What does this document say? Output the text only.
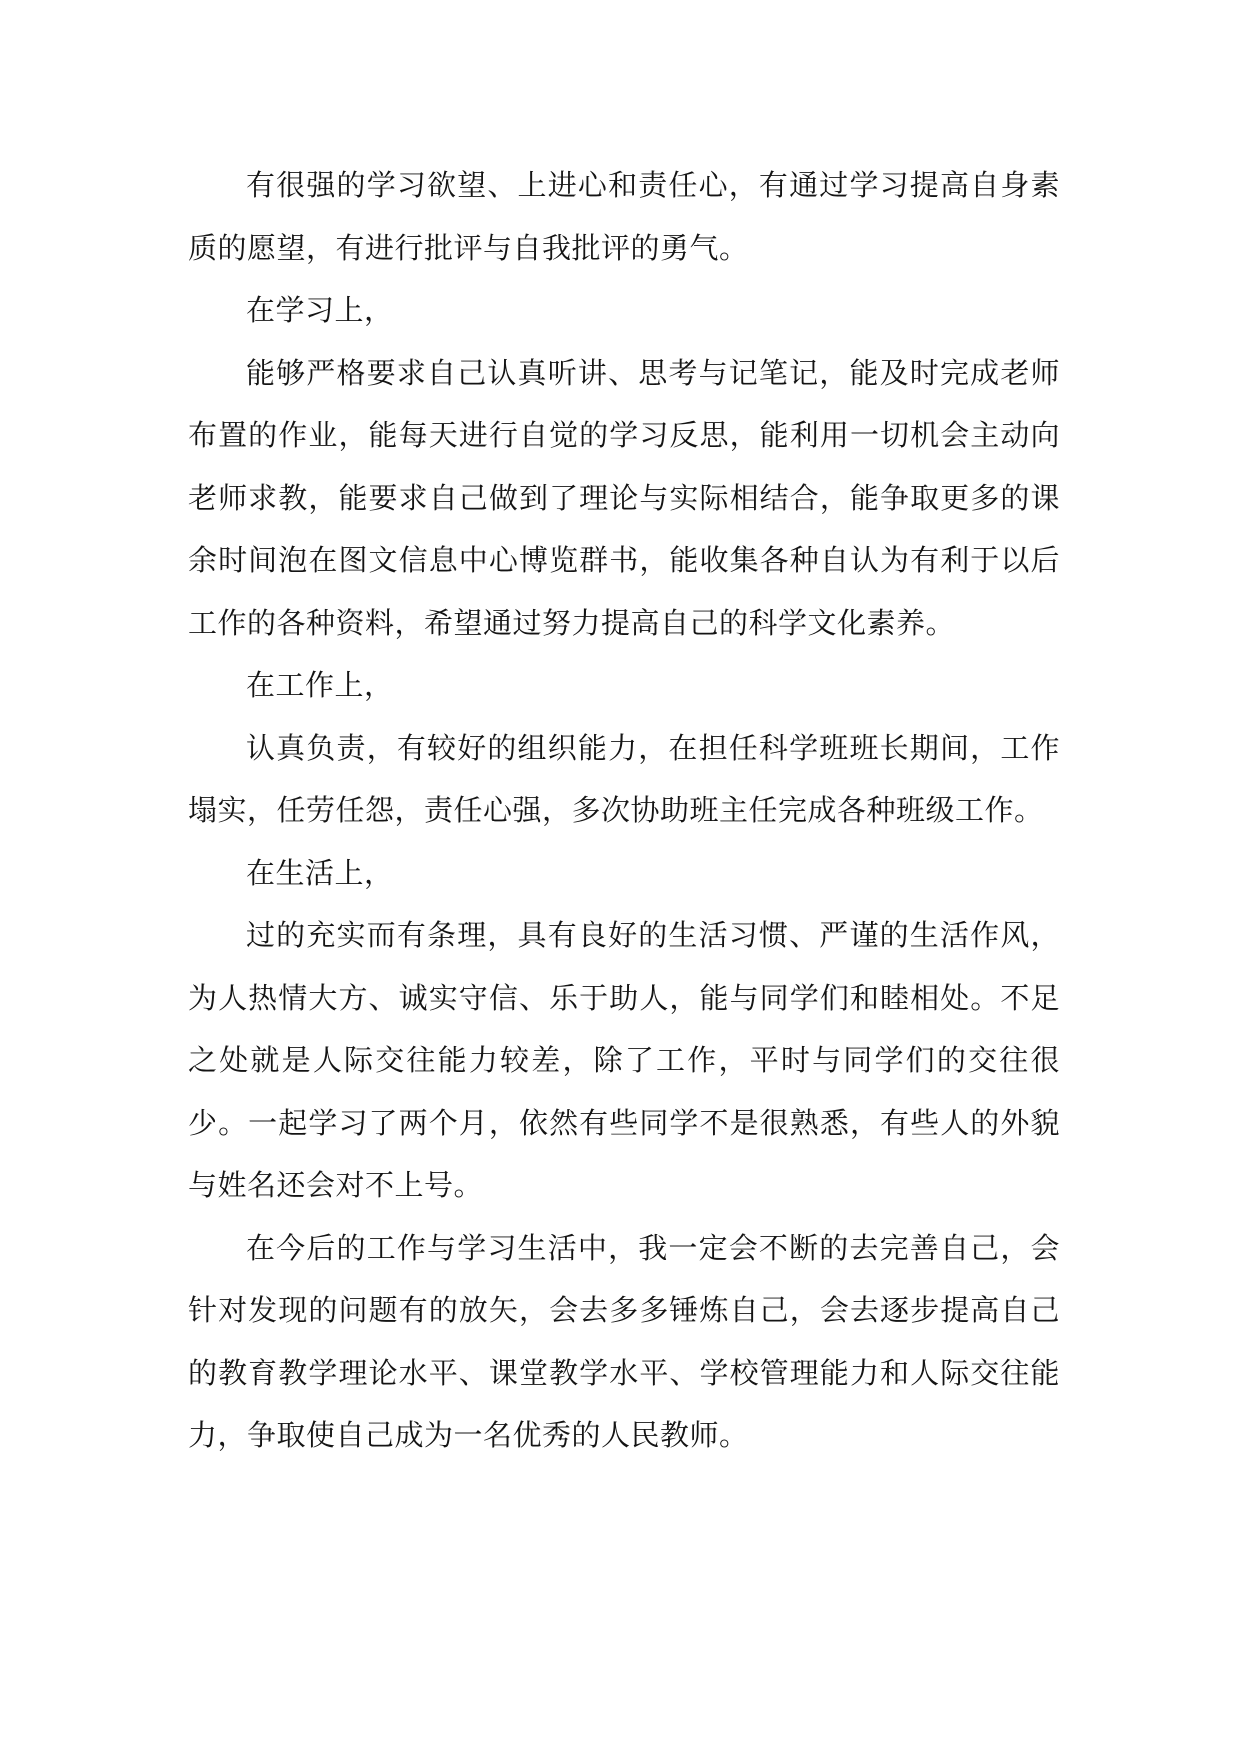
有很强的学习欲望、上进心和责任心，有通过学习提高自身素质的愿望，有进行批评与自我批评的勇气。

在学习上，

能够严格要求自己认真听讲、思考与记笔记，能及时完成老师布置的作业，能每天进行自觉的学习反思，能利用一切机会主动向老师求教，能要求自己做到了理论与实际相结合，能争取更多的课余时间泡在图文信息中心博览群书，能收集各种自认为有利于以后工作的各种资料，希望通过努力提高自己的科学文化素养。

在工作上，

认真负责，有较好的组织能力，在担任科学班班长期间，工作塌实，任劳任怨，责任心强，多次协助班主任完成各种班级工作。

在生活上，

过的充实而有条理，具有良好的生活习惯、严谨的生活作风，为人热情大方、诚实守信、乐于助人，能与同学们和睦相处。不足之处就是人际交往能力较差，除了工作，平时与同学们的交往很少。一起学习了两个月，依然有些同学不是很熟悉，有些人的外貌与姓名还会对不上号。

在今后的工作与学习生活中，我一定会不断的去完善自己，会针对发现的问题有的放矢，会去多多锤炼自己，会去逐步提高自己的教育教学理论水平、课堂教学水平、学校管理能力和人际交往能力，争取使自己成为一名优秀的人民教师。
